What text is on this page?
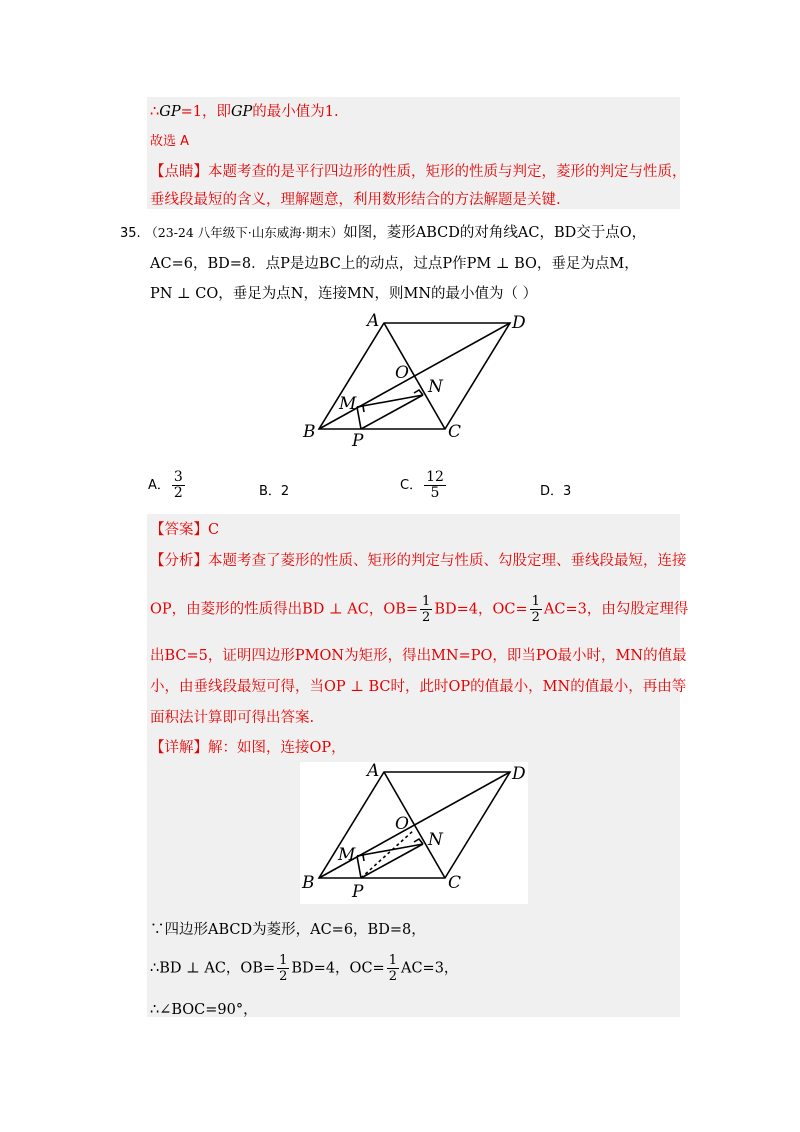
∴GP=1，即GP的最小值为1.
故选 A
【点睛】本题考查的是平行四边形的性质，矩形的性质与判定，菱形的判定与性质，
垂线段最短的含义，理解题意，利用数形结合的方法解题是关键.
35. （23-24 八年级下·山东威海·期末）如图，菱形ABCD的对角线AC，BD交于点O，
AC=6，BD=8．点P是边BC上的动点，过点P作PM ⊥ BO，垂足为点M，
PN ⊥ CO，垂足为点N，连接MN，则MN的最小值为（ ）
A	D
O
N
M
B P	C
A． $\frac{3}{2}$	B．2	C． $\frac{12}{5}$	D．3
【答案】C
【分析】本题考查了菱形的性质、矩形的判定与性质、勾股定理、垂线段最短，连接
OP，由菱形的性质得出BD ⊥ AC，$OB= \frac{1}{2} BD=4$，$OC= \frac{1}{2} AC=3$，由勾股定理得
出BC=5，证明四边形PMON为矩形，得出MN=PO，即当PO最小时，MN的值最
小，由垂线段最短可得，当OP ⊥ BC时，此时OP的值最小，MN的值最小，再由等
面积法计算即可得出答案.
【详解】解：如图，连接OP，
A	D
O
N
M
B P	C
∵四边形ABCD为菱形，AC=6，BD=8，
∴BD ⊥ AC，$OB= \frac{1}{2} BD=4$，$OC= \frac{1}{2} AC=3$，
∴∠BOC=90°，
